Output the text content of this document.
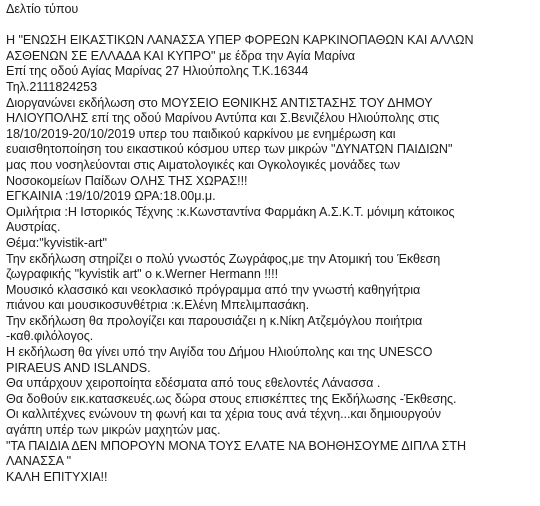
Δελτίο τύπου
Η "ΕΝΩΣΗ ΕΙΚΑΣΤΙΚΩΝ ΛΑΝΑΣΣΑ ΥΠΕΡ ΦΟΡΕΩΝ ΚΑΡΚΙΝΟΠΑΘΩΝ ΚΑΙ ΑΛΛΩΝ
ΑΣΘΕΝΩΝ ΣΕ ΕΛΛΑΔΑ ΚΑΙ ΚΥΠΡΟ" με έδρα την Αγία Μαρίνα
Επί της οδού Αγίας Μαρίνας 27 Ηλιούπολης Τ.Κ.16344
Τηλ.2111824253
Διοργανώνει εκδήλωση στο ΜΟΥΣΕΙΟ ΕΘΝΙΚΗΣ ΑΝΤΙΣΤΑΣΗΣ ΤΟΥ ΔΗΜΟΥ
ΗΛΙΟΥΠΟΛΗΣ επί της οδού Μαρίνου Αντύπα και Σ.Βενιζέλου Ηλιούπολης στις
18/10/2019-20/10/2019 υπερ του παιδικού καρκίνου με ενημέρωση και
ευαισθητοποίηση του εικαστικού κόσμου υπερ των μικρών "ΔΥΝΑΤΩΝ ΠΑΙΔΙΩΝ"
μας που νοσηλεύονται στις Αιματολογικές και Ογκολογικές μονάδες των
Νοσοκομείων Παίδων ΟΛΗΣ ΤΗΣ ΧΩΡΑΣ!!!
ΕΓΚΑΙΝΙΑ :19/10/2019 ΩΡΑ:18.00μ.μ.
Ομιλήτρια :Η Ιστορικός Τέχνης :κ.Κωνσταντίνα Φαρμάκη Α.Σ.Κ.Τ. μόνιμη κάτοικος
Αυστρίας.
Θέμα:"kyvistik-art"
Την εκδήλωση στηρίζει ο πολύ γνωστός Ζωγράφος,με την Ατομική του Έκθεση
ζωγραφικής "kyvistik art" ο κ.Werner Hermann !!!!
Μουσικό κλασσικό και νεοκλασικό πρόγραμμα από την γνωστή καθηγήτρια
πιάνου και μουσικοσυνθέτρια :κ.Ελένη Μπελιμπασάκη.
Την εκδήλωση θα προλογίζει και παρουσιάζει η κ.Νίκη Ατζεμόγλου ποιήτρια
-καθ.φιλόλογος.
Η εκδήλωση θα γίνει υπό την Αιγίδα του Δήμου Ηλιούπολης και της UNESCO
PIRAEUS AND ISLANDS.
Θα υπάρχουν χειροποίητα εδέσματα από τους εθελοντές Λάνασσα .
Θα δοθούν εικ.κατασκευές.ως δώρα στους επισκέπτες της Εκδήλωσης -Έκθεσης.
Οι καλλιτέχνες ενώνουν τη φωνή και τα χέρια τους ανά τέχνη...και δημιουργούν
αγάπη υπέρ των μικρών μαχητών μας.
"ΤΑ ΠΑΙΔΙΑ ΔΕΝ ΜΠΟΡΟΥΝ ΜΟΝΑ ΤΟΥΣ ΕΛΑΤΕ ΝΑ ΒΟΗΘΗΣΟΥΜΕ ΔΙΠΛΑ ΣΤΗ
ΛΑΝΑΣΣΑ "
ΚΑΛΗ ΕΠΙΤΥΧΙΑ!!
